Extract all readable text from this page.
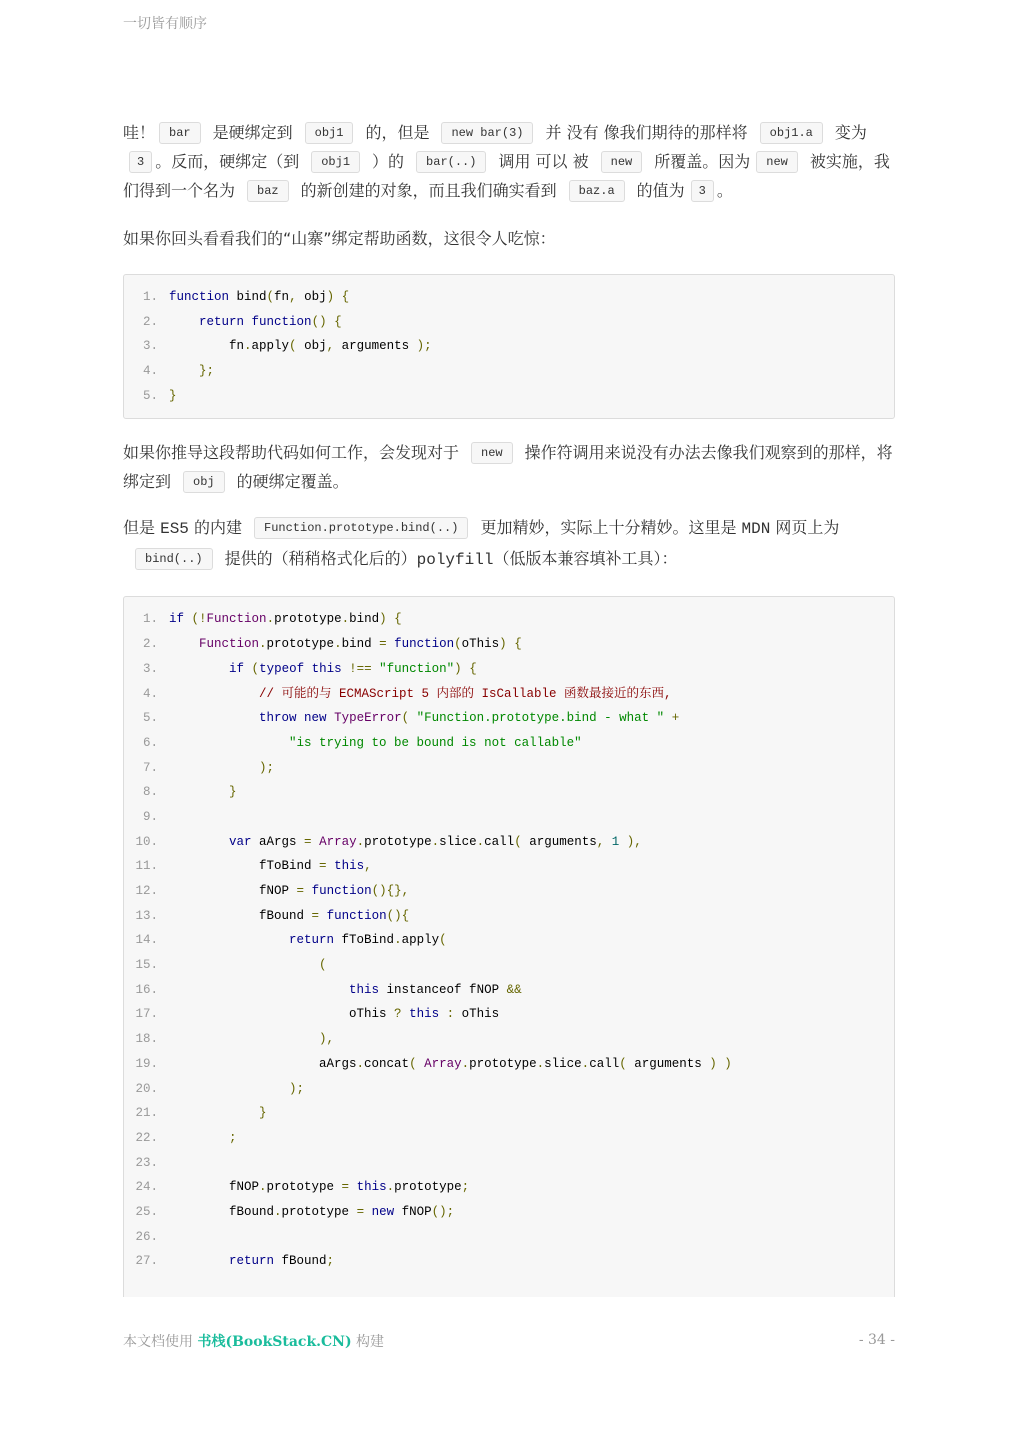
一切皆有顺序

哇！ bar 是硬绑定到 obj1 的，但是 new bar(3) 并 没有 像我们期待的那样将 obj1.a 变为3 。反而，硬绑定（到 obj1 ）的 bar(..) 调用 可以 被 new 所覆盖。因为 new 被实施，我们得到一个名为 baz 的新创建的对象，而且我们确实看到 baz.a 的值为 3 。

如果你回头看看我们的“山寨”绑定帮助函数，这很令人吃惊：

1. function bind(fn, obj) {
2.	return function() {
3.        fn.apply( obj, arguments );
4.	};
5. }

如果你推导这段帮助代码如何工作，会发现对于 new 操作符调用来说没有办法去像我们观察到的那样，将绑定到 obj 的硬绑定覆盖。

但是 ES5 的内建 Function.prototype.bind(..) 更加精妙，实际上十分精妙。这里是 MDN 网页上为bind(..) 提供的（稍稍格式化后的）polyfill（低版本兼容填补工具）：

1. if (!Function.prototype.bind) {
2.	Function.prototype.bind = function(oThis) {
3.	if (typeof this !== "function") {
4.            // 可能的与 ECMAScript 5 内部的 IsCallable 函数最接近的东西,
5.	throw new TypeError( "Function.prototype.bind - what " +
6.	"is trying to be bound is not callable"
7.	);
8.	}
9.
10.	var aArgs = Array.prototype.slice.call( arguments, 1 ),
11.            fToBind = this,
12.            fNOP = function(){},
13.            fBound = function(){
14.	return fToBind.apply(
15.	(
16.	this instanceof fNOP &&
17.                        oThis ? this : oThis
18.	),
19.                    aArgs.concat( Array.prototype.slice.call( arguments ) )
20.	);
21.	}
22.	;
23.
24.        fNOP.prototype = this.prototype;
25.        fBound.prototype = new fNOP();
26.
27.	return fBound;
本文档使用 书栈(BookStack.CN) 构建	- 34 -
